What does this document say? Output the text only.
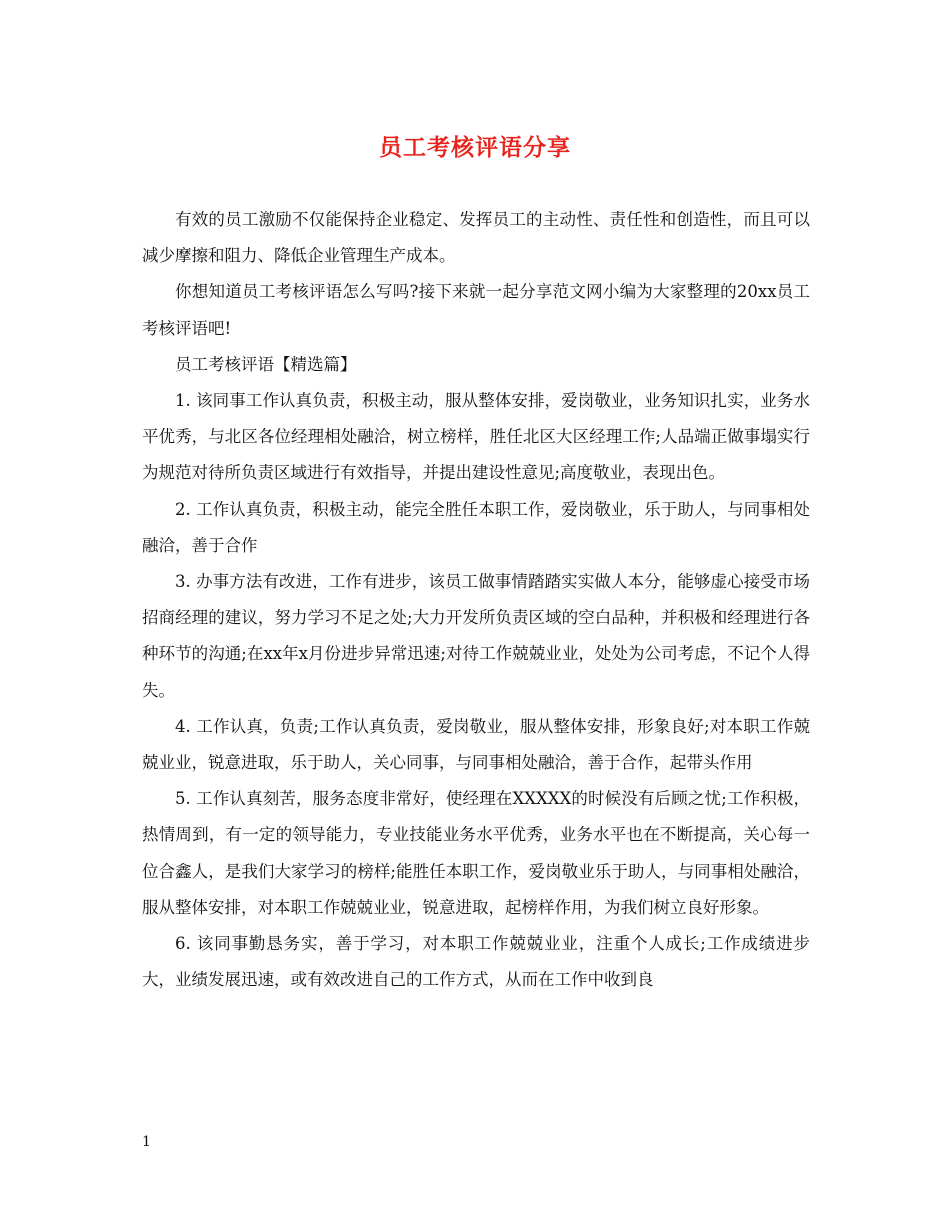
员工考核评语分享

有效的员工激励不仅能保持企业稳定、发挥员工的主动性、责任性和创造性，而且可以减少摩擦和阻力、降低企业管理生产成本。

你想知道员工考核评语怎么写吗?接下来就一起分享范文网小编为大家整理的20xx员工考核评语吧!

员工考核评语【精选篇】

1. 该同事工作认真负责，积极主动，服从整体安排，爱岗敬业，业务知识扎实，业务水平优秀，与北区各位经理相处融洽，树立榜样，胜任北区大区经理工作;人品端正做事塌实行为规范对待所负责区域进行有效指导，并提出建设性意见;高度敬业，表现出色。

2. 工作认真负责，积极主动，能完全胜任本职工作，爱岗敬业，乐于助人，与同事相处融洽，善于合作

3. 办事方法有改进，工作有进步，该员工做事情踏踏实实做人本分，能够虚心接受市场招商经理的建议，努力学习不足之处;大力开发所负责区域的空白品种，并积极和经理进行各种环节的沟通;在xx年x月份进步异常迅速;对待工作兢兢业业，处处为公司考虑，不记个人得失。

4. 工作认真，负责;工作认真负责，爱岗敬业，服从整体安排，形象良好;对本职工作兢兢业业，锐意进取，乐于助人，关心同事，与同事相处融洽，善于合作，起带头作用

5. 工作认真刻苦，服务态度非常好，使经理在XXXXX的时候没有后顾之忧;工作积极，热情周到，有一定的领导能力，专业技能业务水平优秀，业务水平也在不断提高，关心每一位合鑫人，是我们大家学习的榜样;能胜任本职工作，爱岗敬业乐于助人，与同事相处融洽，服从整体安排，对本职工作兢兢业业，锐意进取，起榜样作用，为我们树立良好形象。

6. 该同事勤恳务实，善于学习，对本职工作兢兢业业，注重个人成长;工作成绩进步大，业绩发展迅速，或有效改进自己的工作方式，从而在工作中收到良

1
